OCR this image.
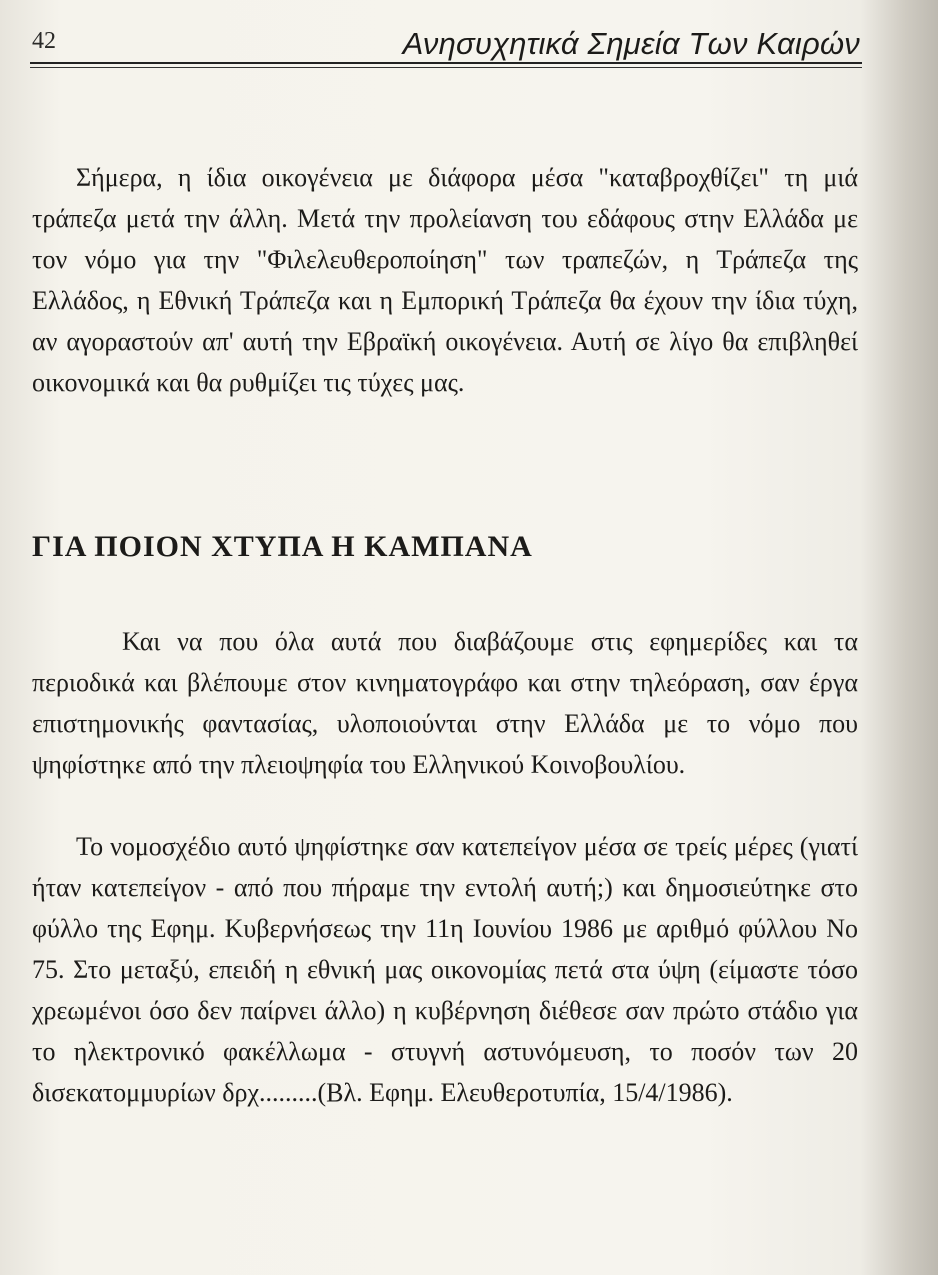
42	Ανησυχητικά Σημεία Των Καιρών

Σήμερα, η ίδια οικογένεια με διάφορα μέσα "καταβροχθίζει" τη μιά τράπεζα μετά την άλλη. Μετά την προλείανση του εδάφους στην Ελλάδα με τον νόμο για την "Φιλελευθεροποίηση" των τραπεζών, η Τράπεζα της Ελλάδος, η Εθνική Τράπεζα και η Εμπορική Τράπεζα θα έχουν την ίδια τύχη, αν αγοραστούν απ' αυτή την Εβραϊκή οικογένεια. Αυτή σε λίγο θα επιβληθεί οικονομικά και θα ρυθμίζει τις τύχες μας.

ΓΙΑ ΠΟΙΟΝ ΧΤΥΠΑ Η ΚΑΜΠΑΝΑ

Και να που όλα αυτά που διαβάζουμε στις εφημερίδες και τα περιοδικά και βλέπουμε στον κινηματογράφο και στην τηλεόραση, σαν έργα επιστημονικής φαντασίας, υλοποιούνται στην Ελλάδα με το νόμο που ψηφίστηκε από την πλειοψηφία του Ελληνικού Κοινοβουλίου.

Το νομοσχέδιο αυτό ψηφίστηκε σαν κατεπείγον μέσα σε τρείς μέρες (γιατί ήταν κατεπείγον - από που πήραμε την εντολή αυτή;) και δημοσιεύτηκε στο φύλλο της Εφημ. Κυβερνήσεως την 11η Ιουνίου 1986 με αριθμό φύλλου Νο 75. Στο μεταξύ, επειδή η εθνική μας οικονομίας πετά στα ύψη (είμαστε τόσο χρεωμένοι όσο δεν παίρνει άλλο) η κυβέρνηση διέθεσε σαν πρώτο στάδιο για το ηλεκτρονικό φακέλλωμα - στυγνή αστυνόμευση, το ποσόν των 20 δισεκατομμυρίων δρχ.........(Βλ. Εφημ. Ελευθεροτυπία, 15/4/1986).
